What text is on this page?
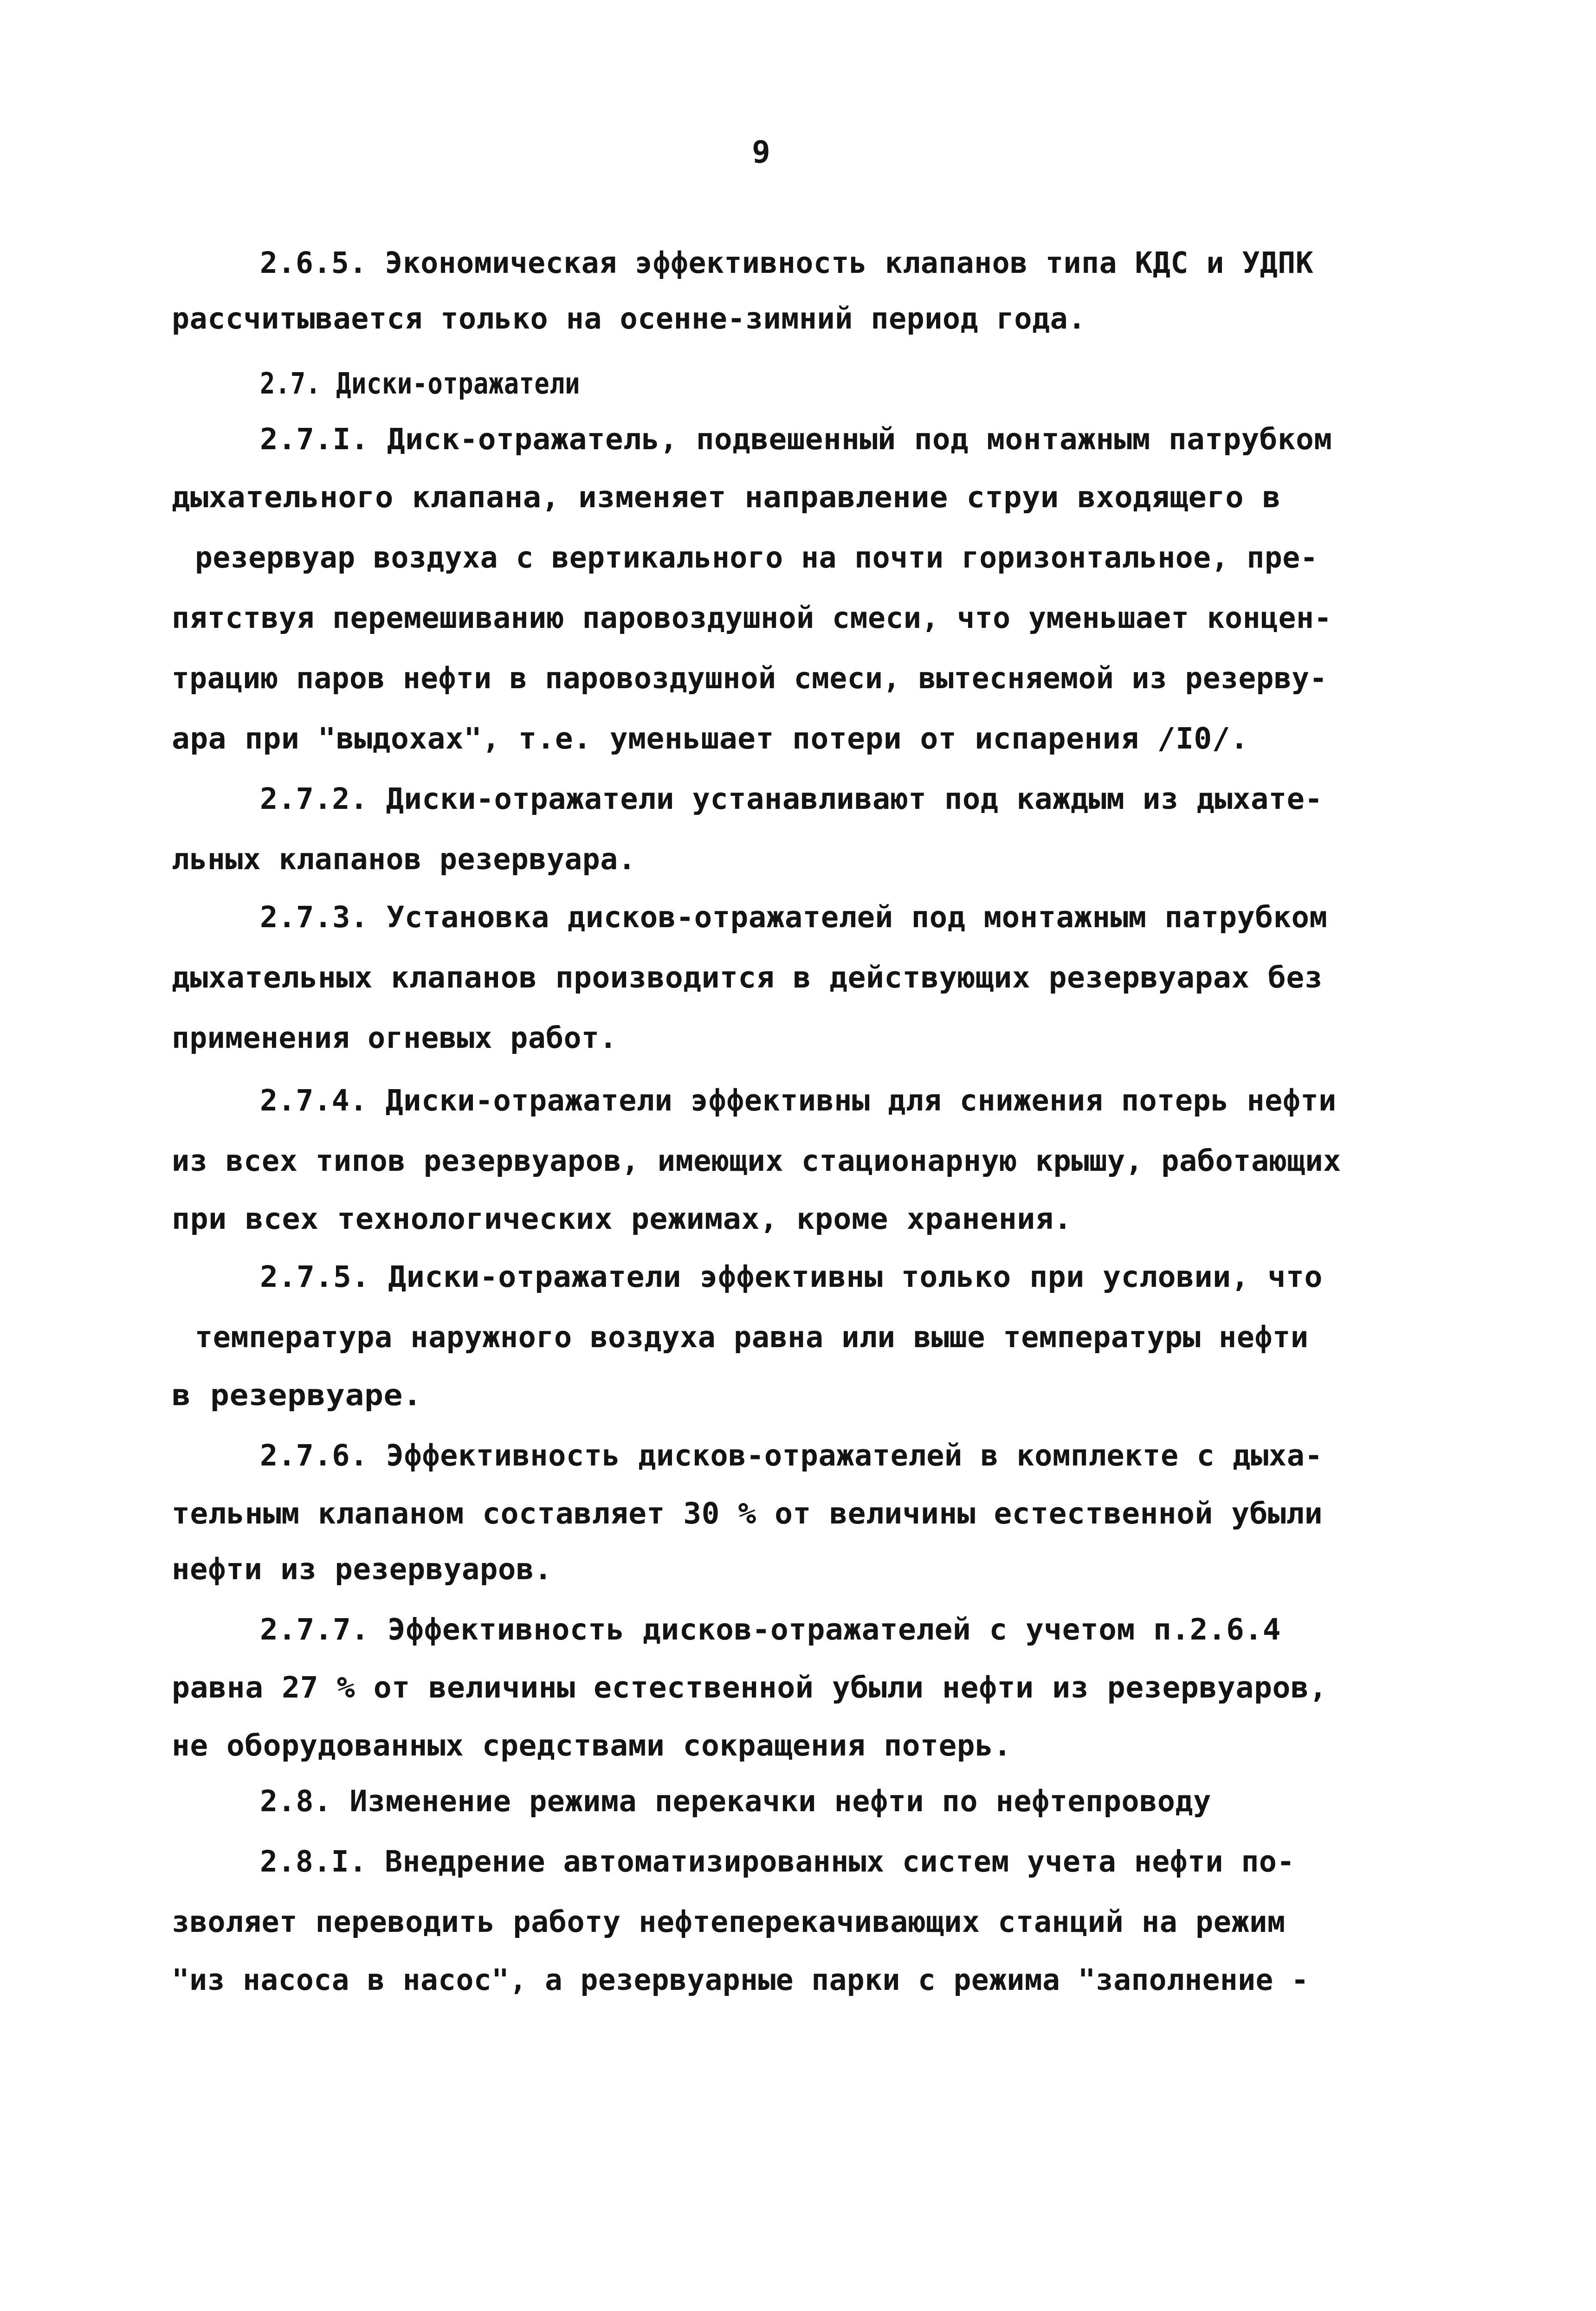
9
2.6.5. Экономическая эффективность клапанов типа КДС и УДПК
рассчитывается только на осенне-зимний период года.
2.7. Диски-отражатели
2.7.I. Диск-отражатель, подвешенный под монтажным патрубком
дыхательного клапана, изменяет направление струи входящего в
резервуар воздуха с вертикального на почти горизонтальное, пре-
пятствуя перемешиванию паровоздушной смеси, что уменьшает концен-
трацию паров нефти в паровоздушной смеси, вытесняемой из резерву-
ара при "выдохах", т.е. уменьшает потери от испарения /I0/.
2.7.2. Диски-отражатели устанавливают под каждым из дыхате-
льных клапанов резервуара.
2.7.3. Установка дисков-отражателей под монтажным патрубком
дыхательных клапанов производится в действующих резервуарах без
применения огневых работ.
2.7.4. Диски-отражатели эффективны для снижения потерь нефти
из всех типов резервуаров, имеющих стационарную крышу, работающих
при всех технологических режимах, кроме хранения.
2.7.5. Диски-отражатели эффективны только при условии, что
температура наружного воздуха равна или выше температуры нефти
в резервуаре.
2.7.6. Эффективность дисков-отражателей в комплекте с дыха-
тельным клапаном составляет 30 % от величины естественной убыли
нефти из резервуаров.
2.7.7. Эффективность дисков-отражателей с учетом п.2.6.4
равна 27 % от величины естественной убыли нефти из резервуаров,
не оборудованных средствами сокращения потерь.
2.8. Изменение режима перекачки нефти по нефтепроводу
2.8.I. Внедрение автоматизированных систем учета нефти по-
зволяет переводить работу нефтеперекачивающих станций на режим
"из насоса в насос", а резервуарные парки с режима "заполнение -
